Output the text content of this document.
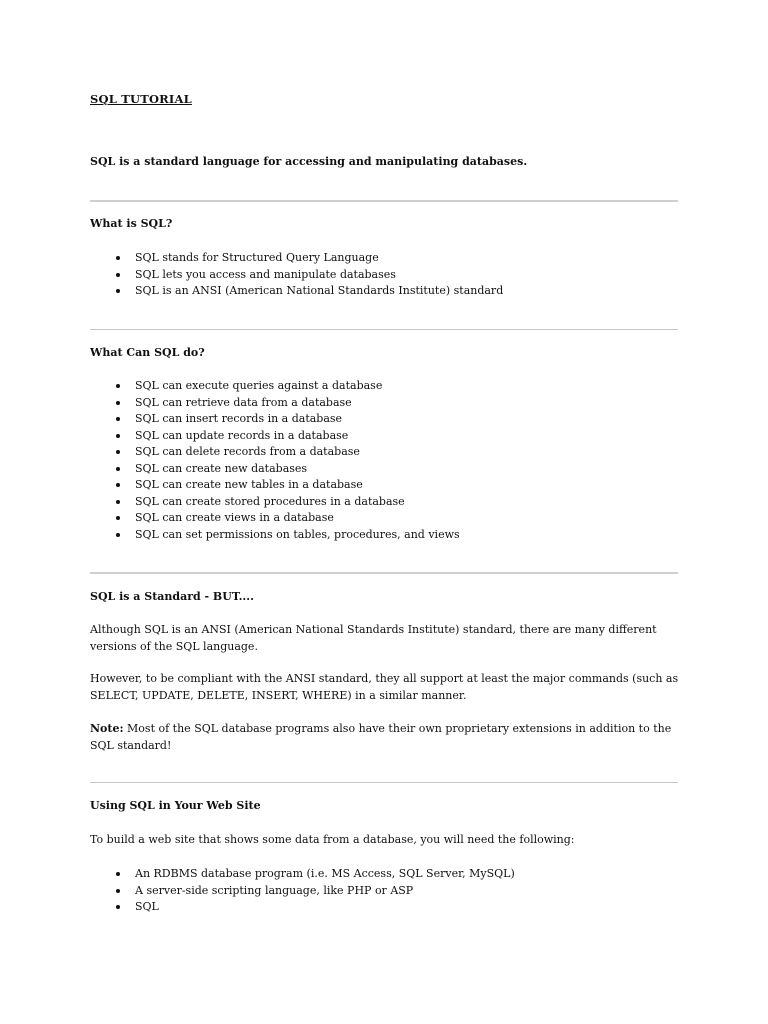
SQL TUTORIAL
SQL is a standard language for accessing and manipulating databases.
What is SQL?
SQL stands for Structured Query Language
SQL lets you access and manipulate databases
SQL is an ANSI (American National Standards Institute) standard
What Can SQL do?
SQL can execute queries against a database
SQL can retrieve data from a database
SQL can insert records in a database
SQL can update records in a database
SQL can delete records from a database
SQL can create new databases
SQL can create new tables in a database
SQL can create stored procedures in a database
SQL can create views in a database
SQL can set permissions on tables, procedures, and views
SQL is a Standard - BUT....
Although SQL is an ANSI (American National Standards Institute) standard, there are many different versions of the SQL language.
However, to be compliant with the ANSI standard, they all support at least the major commands (such as SELECT, UPDATE, DELETE, INSERT, WHERE) in a similar manner.
Note: Most of the SQL database programs also have their own proprietary extensions in addition to the SQL standard!
Using SQL in Your Web Site
To build a web site that shows some data from a database, you will need the following:
An RDBMS database program (i.e. MS Access, SQL Server, MySQL)
A server-side scripting language, like PHP or ASP
SQL
